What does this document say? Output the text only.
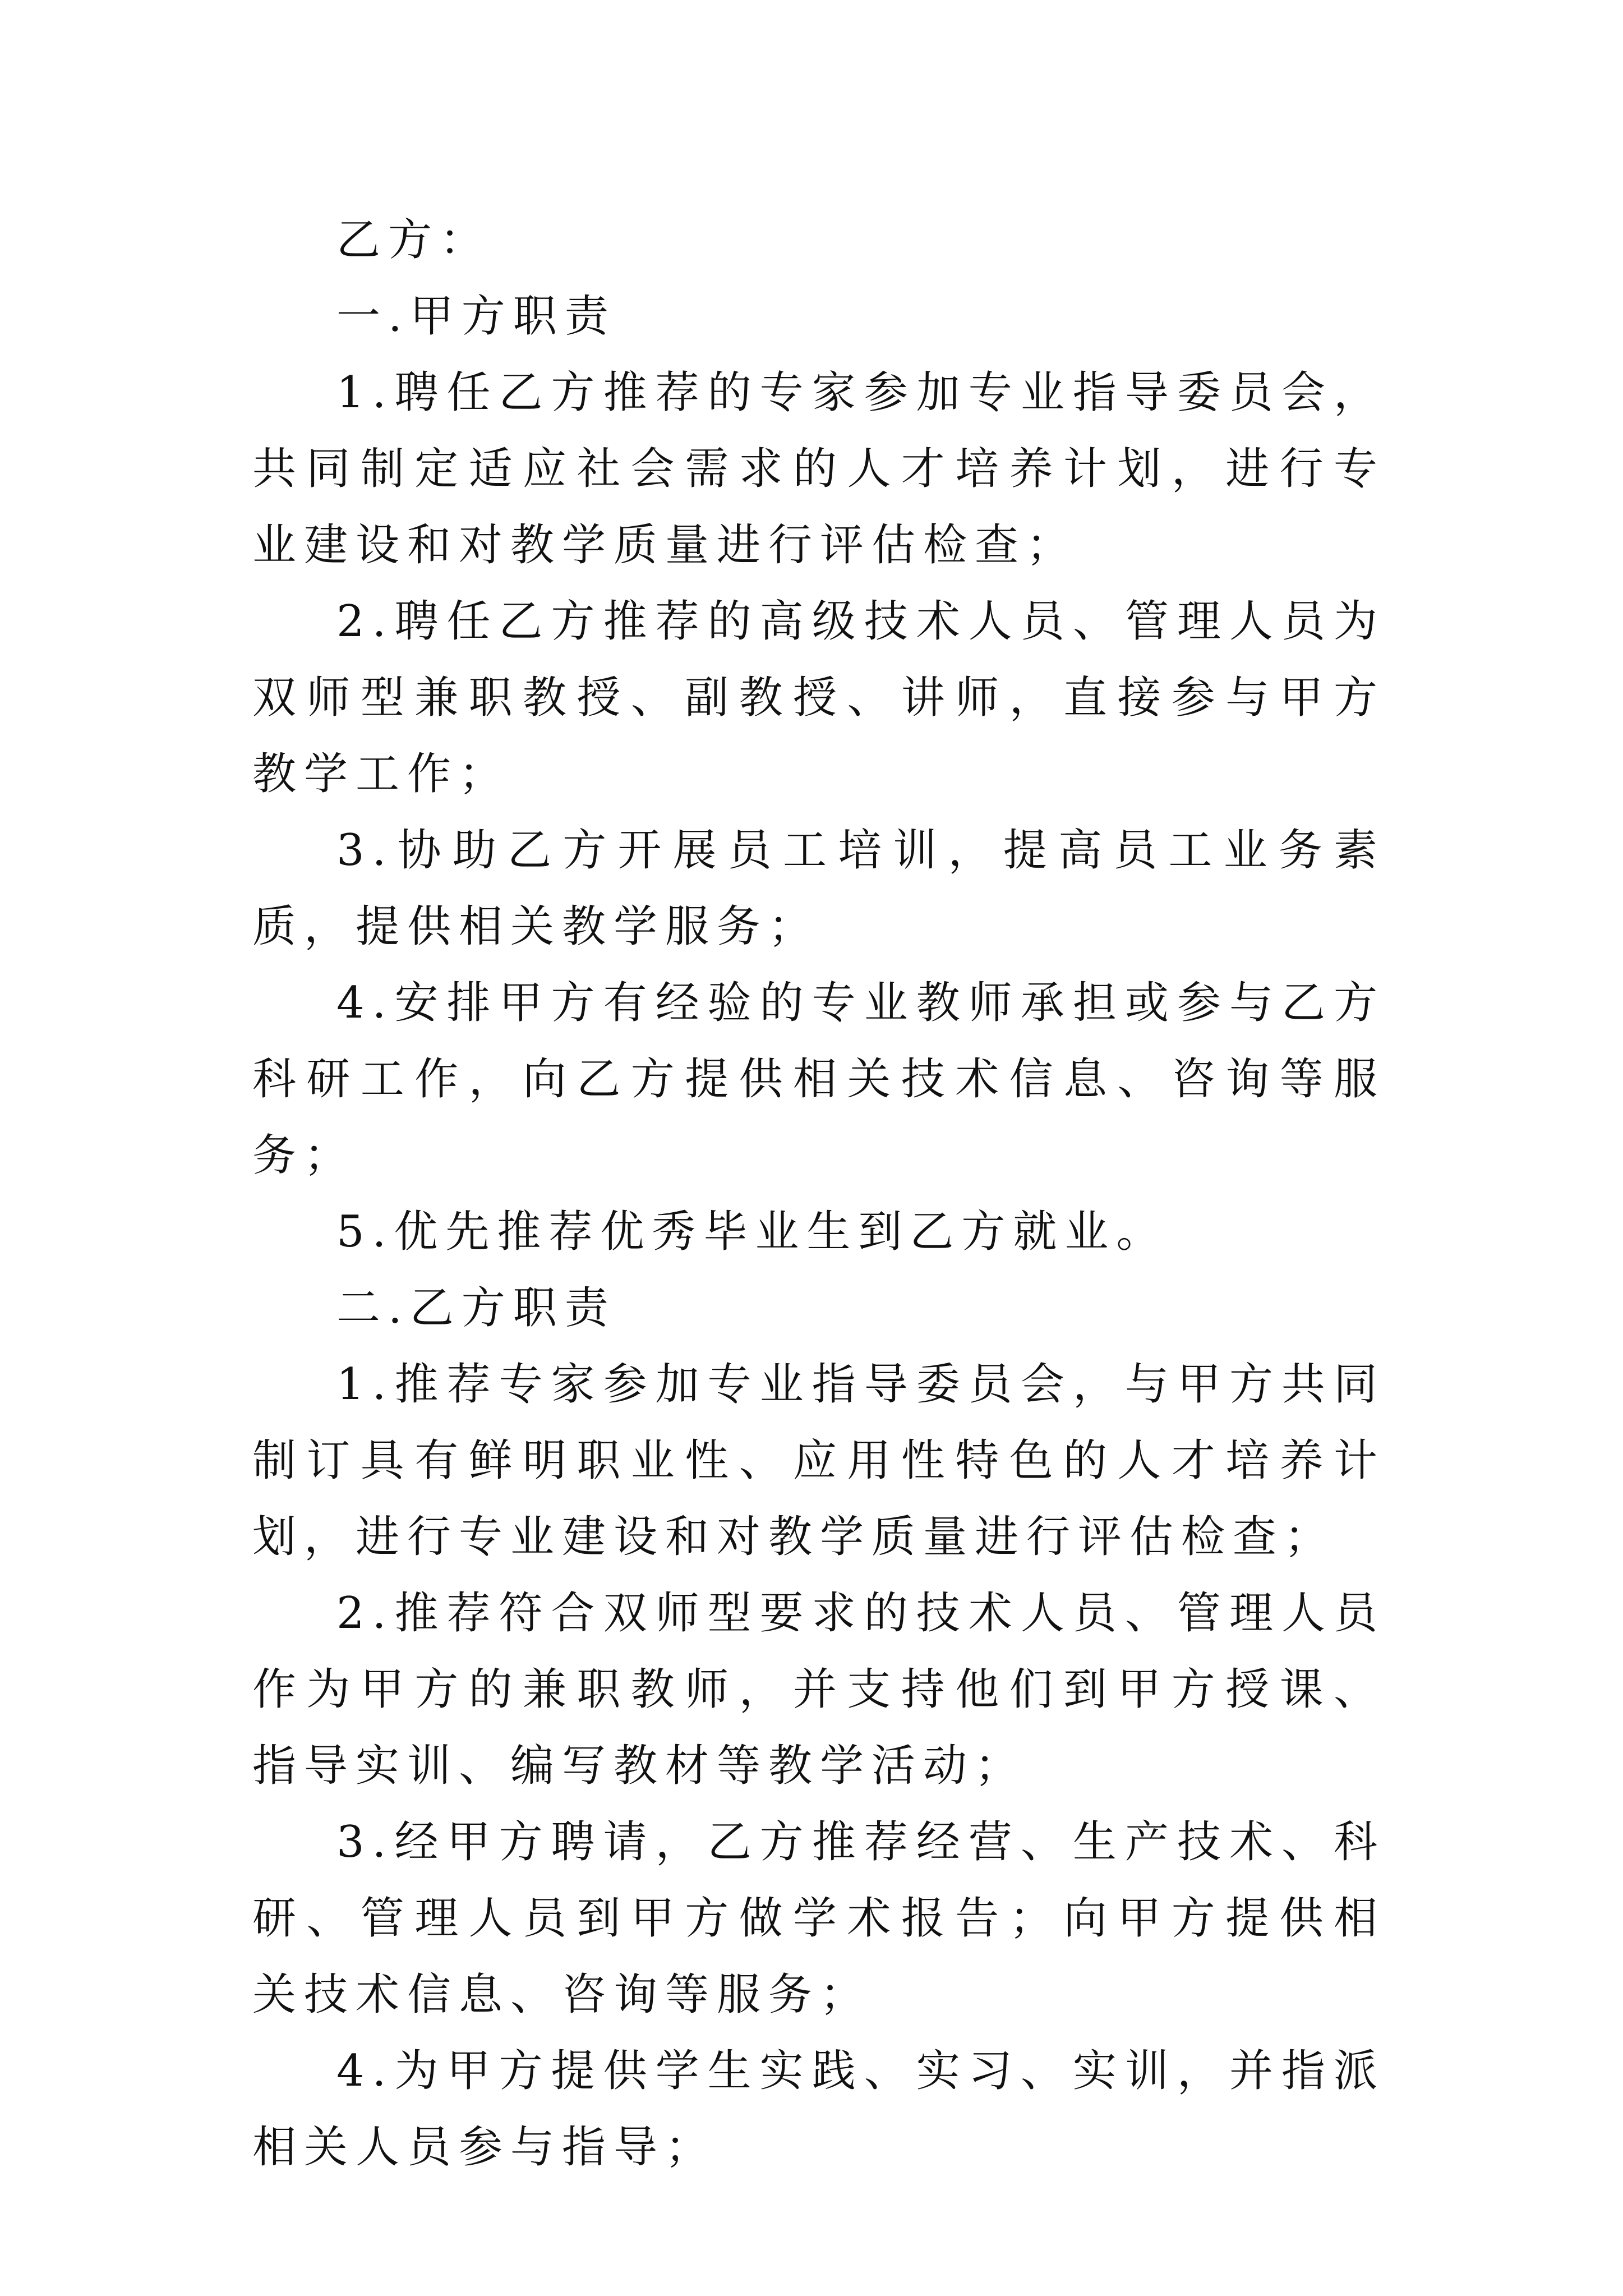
乙方：

一.甲方职责

1.聘任乙方推荐的专家参加专业指导委员会，共同制定适应社会需求的人才培养计划，进行专业建设和对教学质量进行评估检查；

2.聘任乙方推荐的高级技术人员、管理人员为双师型兼职教授、副教授、讲师，直接参与甲方教学工作；

3.协助乙方开展员工培训，提高员工业务素质，提供相关教学服务；

4.安排甲方有经验的专业教师承担或参与乙方科研工作，向乙方提供相关技术信息、咨询等服务；

5.优先推荐优秀毕业生到乙方就业。

二.乙方职责

1.推荐专家参加专业指导委员会，与甲方共同制订具有鲜明职业性、应用性特色的人才培养计划，进行专业建设和对教学质量进行评估检查；

2.推荐符合双师型要求的技术人员、管理人员作为甲方的兼职教师，并支持他们到甲方授课、指导实训、编写教材等教学活动；

3.经甲方聘请，乙方推荐经营、生产技术、科研、管理人员到甲方做学术报告；向甲方提供相关技术信息、咨询等服务；

4.为甲方提供学生实践、实习、实训，并指派相关人员参与指导；
